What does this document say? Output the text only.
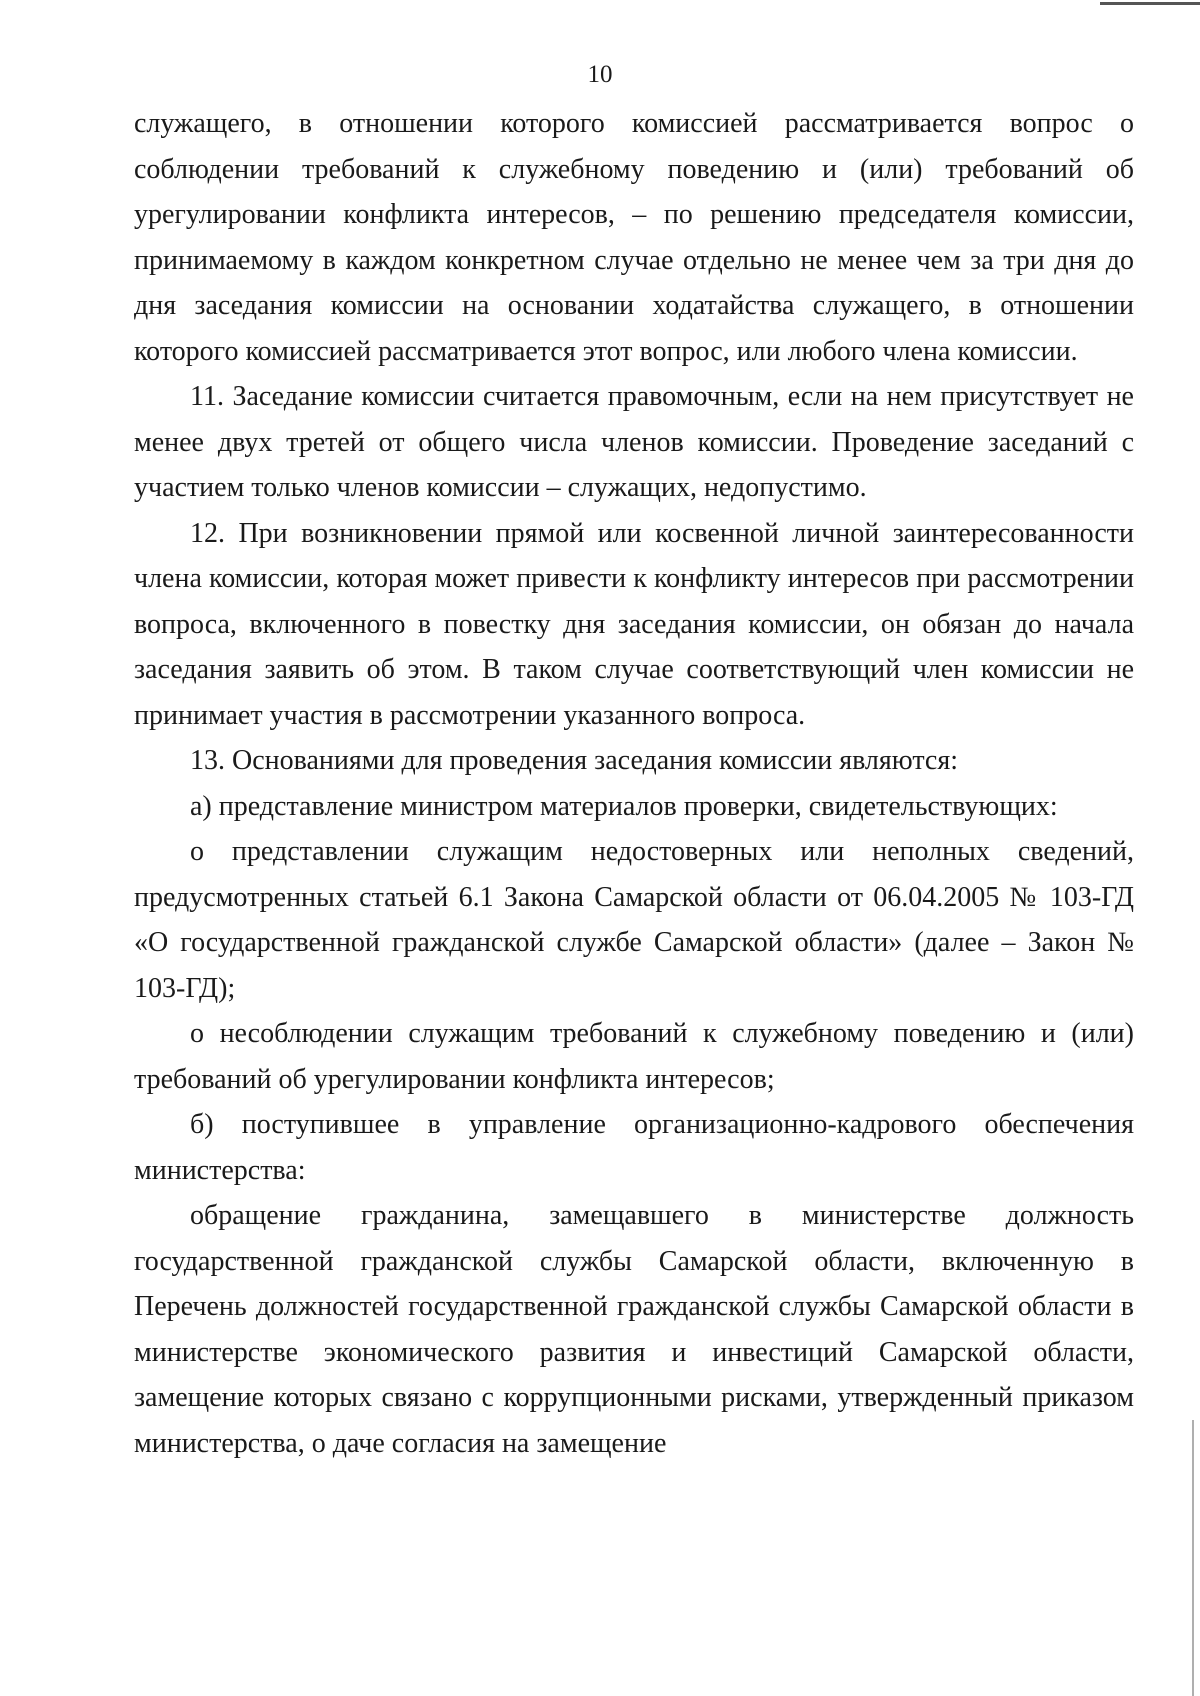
10

служащего, в отношении которого комиссией рассматривается вопрос о соблюдении требований к служебному поведению и (или) требований об урегулировании конфликта интересов, – по решению председателя комиссии, принимаемому в каждом конкретном случае отдельно не менее чем за три дня до дня заседания комиссии на основании ходатайства служащего, в отношении которого комиссией рассматривается этот вопрос, или любого члена комиссии.

11. Заседание комиссии считается правомочным, если на нем присутствует не менее двух третей от общего числа членов комиссии. Проведение заседаний с участием только членов комиссии – служащих, недопустимо.

12. При возникновении прямой или косвенной личной заинтересованности члена комиссии, которая может привести к конфликту интересов при рассмотрении вопроса, включенного в повестку дня заседания комиссии, он обязан до начала заседания заявить об этом. В таком случае соответствующий член комиссии не принимает участия в рассмотрении указанного вопроса.

13. Основаниями для проведения заседания комиссии являются:

а) представление министром материалов проверки, свидетельствующих:

о представлении служащим недостоверных или неполных сведений, предусмотренных статьей 6.1 Закона Самарской области от 06.04.2005 № 103-ГД «О государственной гражданской службе Самарской области» (далее – Закон № 103-ГД);

о несоблюдении служащим требований к служебному поведению и (или) требований об урегулировании конфликта интересов;

б) поступившее в управление организационно-кадрового обеспечения министерства:

обращение гражданина, замещавшего в министерстве должность государственной гражданской службы Самарской области, включенную в Перечень должностей государственной гражданской службы Самарской области в министерстве экономического развития и инвестиций Самарской области, замещение которых связано с коррупционными рисками, утвержденный приказом министерства, о даче согласия на замещение
